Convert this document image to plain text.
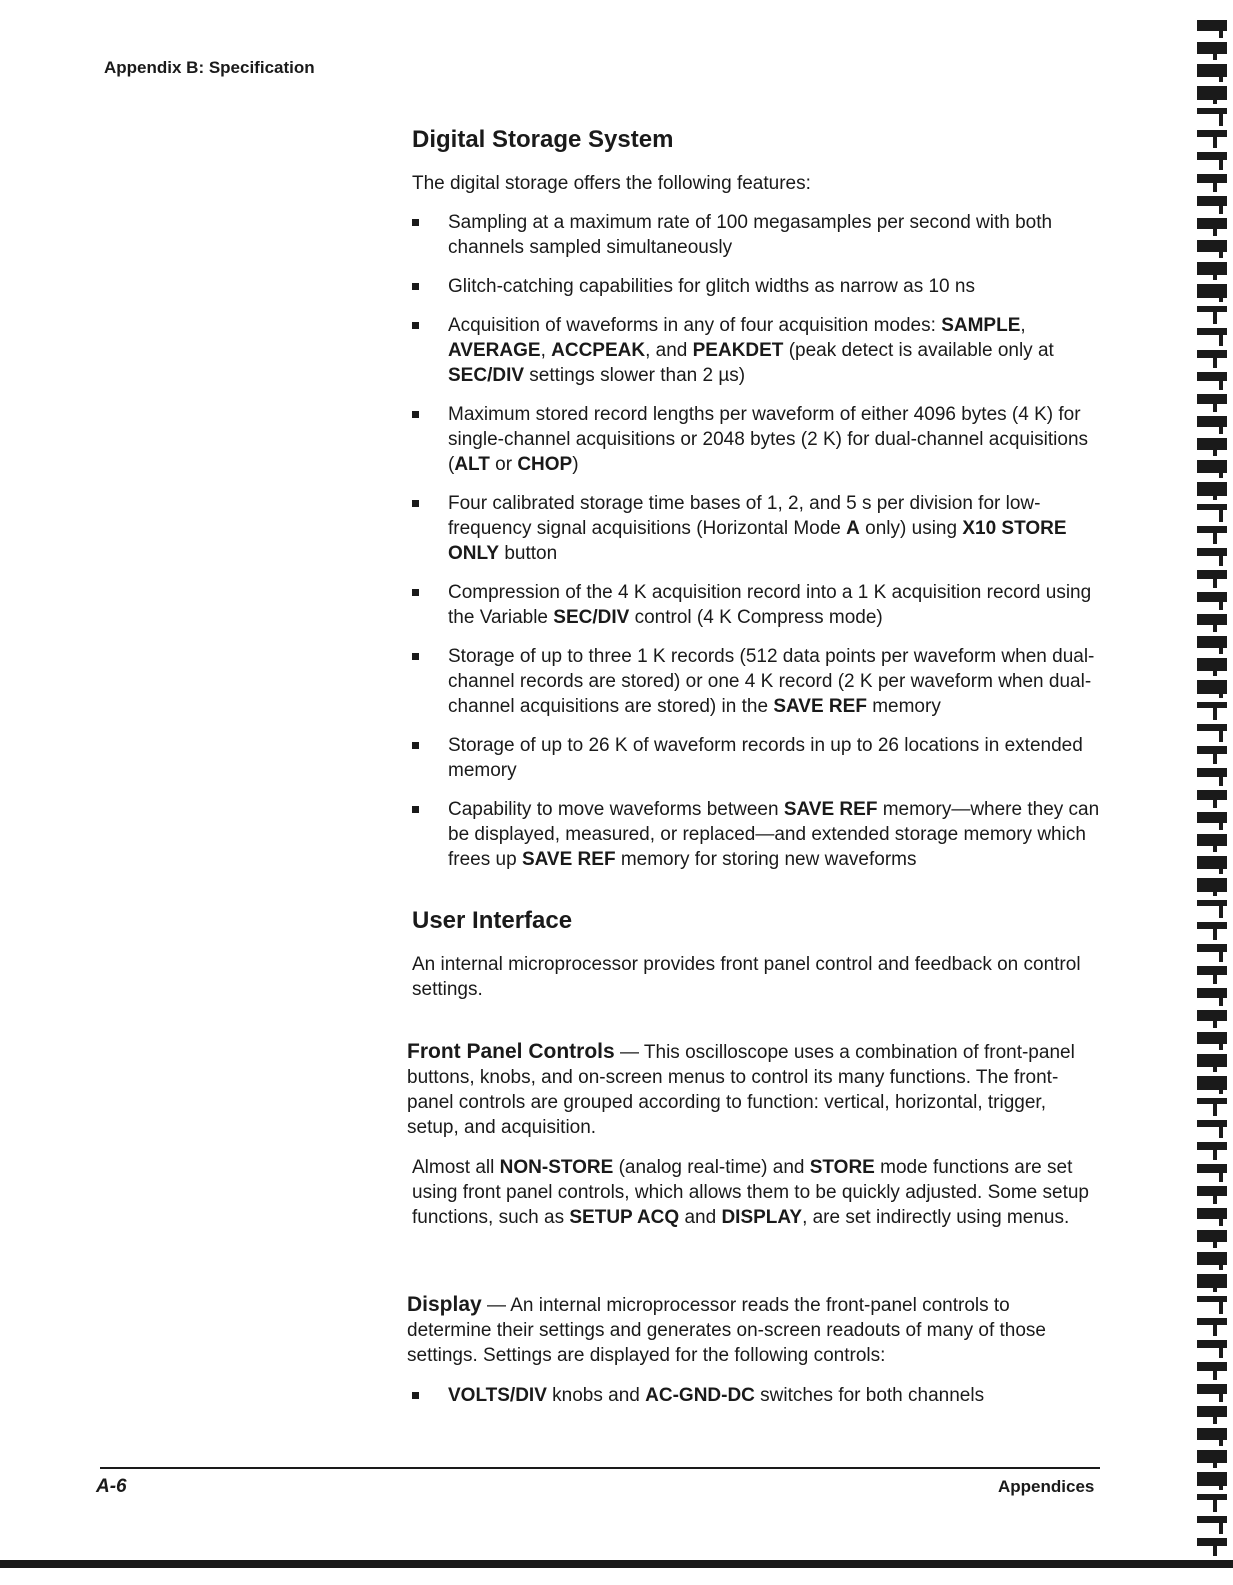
Appendix B: Specification
Digital Storage System

The digital storage offers the following features:

Sampling at a maximum rate of 100 megasamples per second with both channels sampled simultaneously
Glitch-catching capabilities for glitch widths as narrow as 10 ns
Acquisition of waveforms in any of four acquisition modes: SAMPLE, AVERAGE, ACCPEAK, and PEAKDET (peak detect is available only at SEC/DIV settings slower than 2 µs)
Maximum stored record lengths per waveform of either 4096 bytes (4 K) for single-channel acquisitions or 2048 bytes (2 K) for dual-channel acquisitions (ALT or CHOP)
Four calibrated storage time bases of 1, 2, and 5 s per division for low-frequency signal acquisitions (Horizontal Mode A only) using X10 STORE ONLY button
Compression of the 4 K acquisition record into a 1 K acquisition record using the Variable SEC/DIV control (4 K Compress mode)
Storage of up to three 1 K records (512 data points per waveform when dual-channel records are stored) or one 4 K record (2 K per waveform when dual-channel acquisitions are stored) in the SAVE REF memory
Storage of up to 26 K of waveform records in up to 26 locations in extended memory
Capability to move waveforms between SAVE REF memory—where they can be displayed, measured, or replaced—and extended storage memory which frees up SAVE REF memory for storing new waveforms
User Interface

An internal microprocessor provides front panel control and feedback on control settings.

Front Panel Controls — This oscilloscope uses a combination of front-panel buttons, knobs, and on-screen menus to control its many functions. The front-panel controls are grouped according to function: vertical, horizontal, trigger, setup, and acquisition.

Almost all NON-STORE (analog real-time) and STORE mode functions are set using front panel controls, which allows them to be quickly adjusted. Some setup functions, such as SETUP ACQ and DISPLAY, are set indirectly using menus.

Display — An internal microprocessor reads the front-panel controls to determine their settings and generates on-screen readouts of many of those settings. Settings are displayed for the following controls:

VOLTS/DIV knobs and AC-GND-DC switches for both channels
A-6	Appendices
